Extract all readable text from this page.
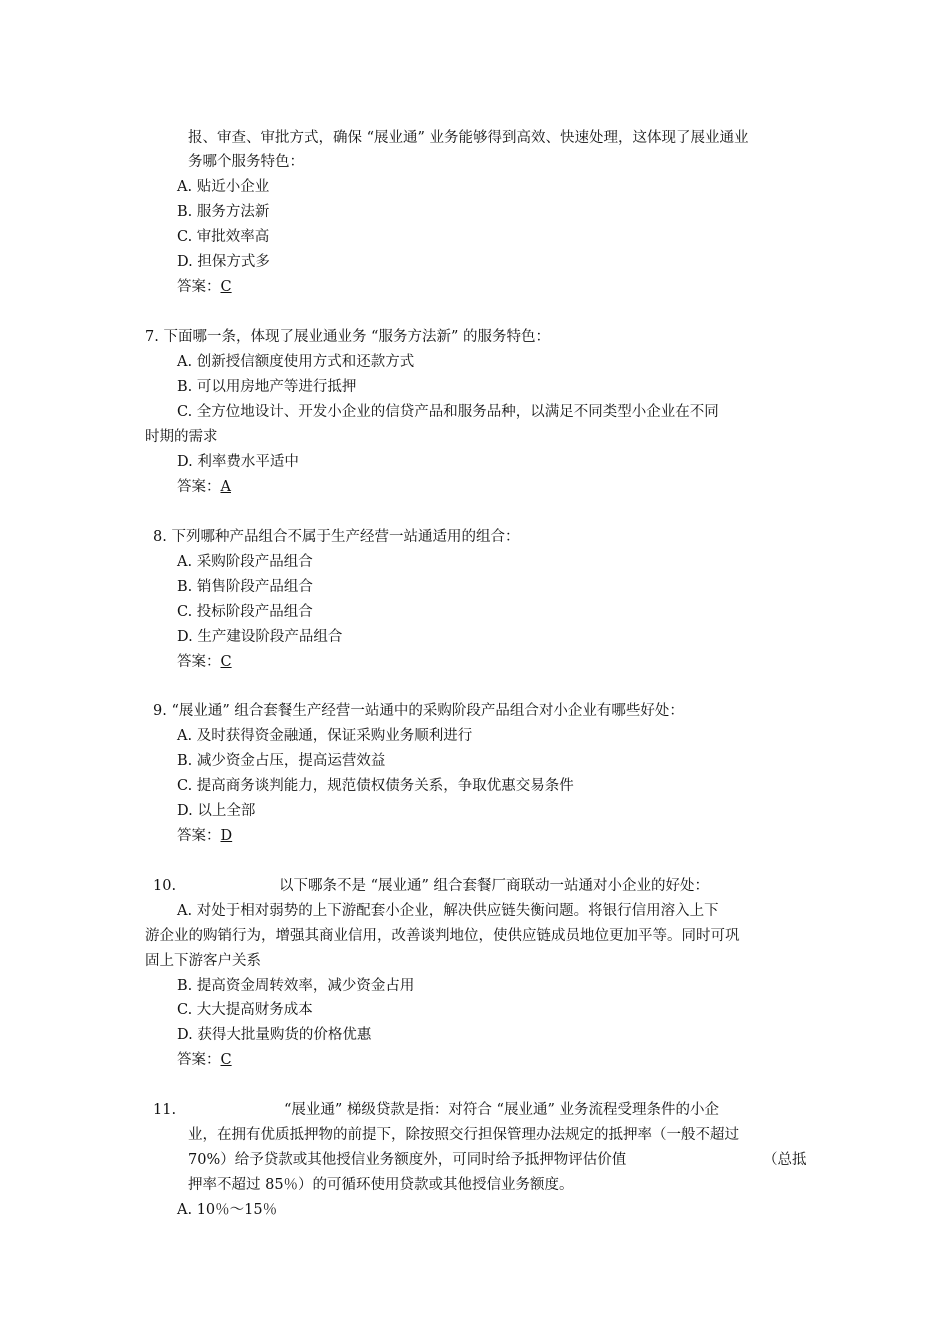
报、审查、审批方式，确保 “展业通” 业务能够得到高效、快速处理，这体现了展业通业
务哪个服务特色：
A. 贴近小企业
B. 服务方法新
C. 审批效率高
D. 担保方式多
答案：C
7. 下面哪一条，体现了展业通业务 “服务方法新” 的服务特色：
A. 创新授信额度使用方式和还款方式
B. 可以用房地产等进行抵押
C. 全方位地设计、开发小企业的信贷产品和服务品种，以满足不同类型小企业在不同
时期的需求
D. 利率费水平适中
答案：A
8. 下列哪种产品组合不属于生产经营一站通适用的组合：
A. 采购阶段产品组合
B. 销售阶段产品组合
C. 投标阶段产品组合
D. 生产建设阶段产品组合
答案：C
9. “展业通” 组合套餐生产经营一站通中的采购阶段产品组合对小企业有哪些好处：
A. 及时获得资金融通，保证采购业务顺利进行
B. 减少资金占压，提高运营效益
C. 提高商务谈判能力，规范债权债务关系，争取优惠交易条件
D. 以上全部
答案：D
10.	以下哪条不是 “展业通” 组合套餐厂商联动一站通对小企业的好处：
A. 对处于相对弱势的上下游配套小企业，解决供应链失衡问题。将银行信用溶入上下
游企业的购销行为，增强其商业信用，改善谈判地位，使供应链成员地位更加平等。同时可巩
固上下游客户关系
B. 提高资金周转效率，减少资金占用
C. 大大提高财务成本
D. 获得大批量购货的价格优惠
答案：C
11.	“展业通” 梯级贷款是指：对符合 “展业通” 业务流程受理条件的小企
业，在拥有优质抵押物的前提下，除按照交行担保管理办法规定的抵押率（一般不超过
70%）给予贷款或其他授信业务额度外，可同时给予抵押物评估价值	（总抵
押率不超过 85％）的可循环使用贷款或其他授信业务额度。
A. 10％～15％
